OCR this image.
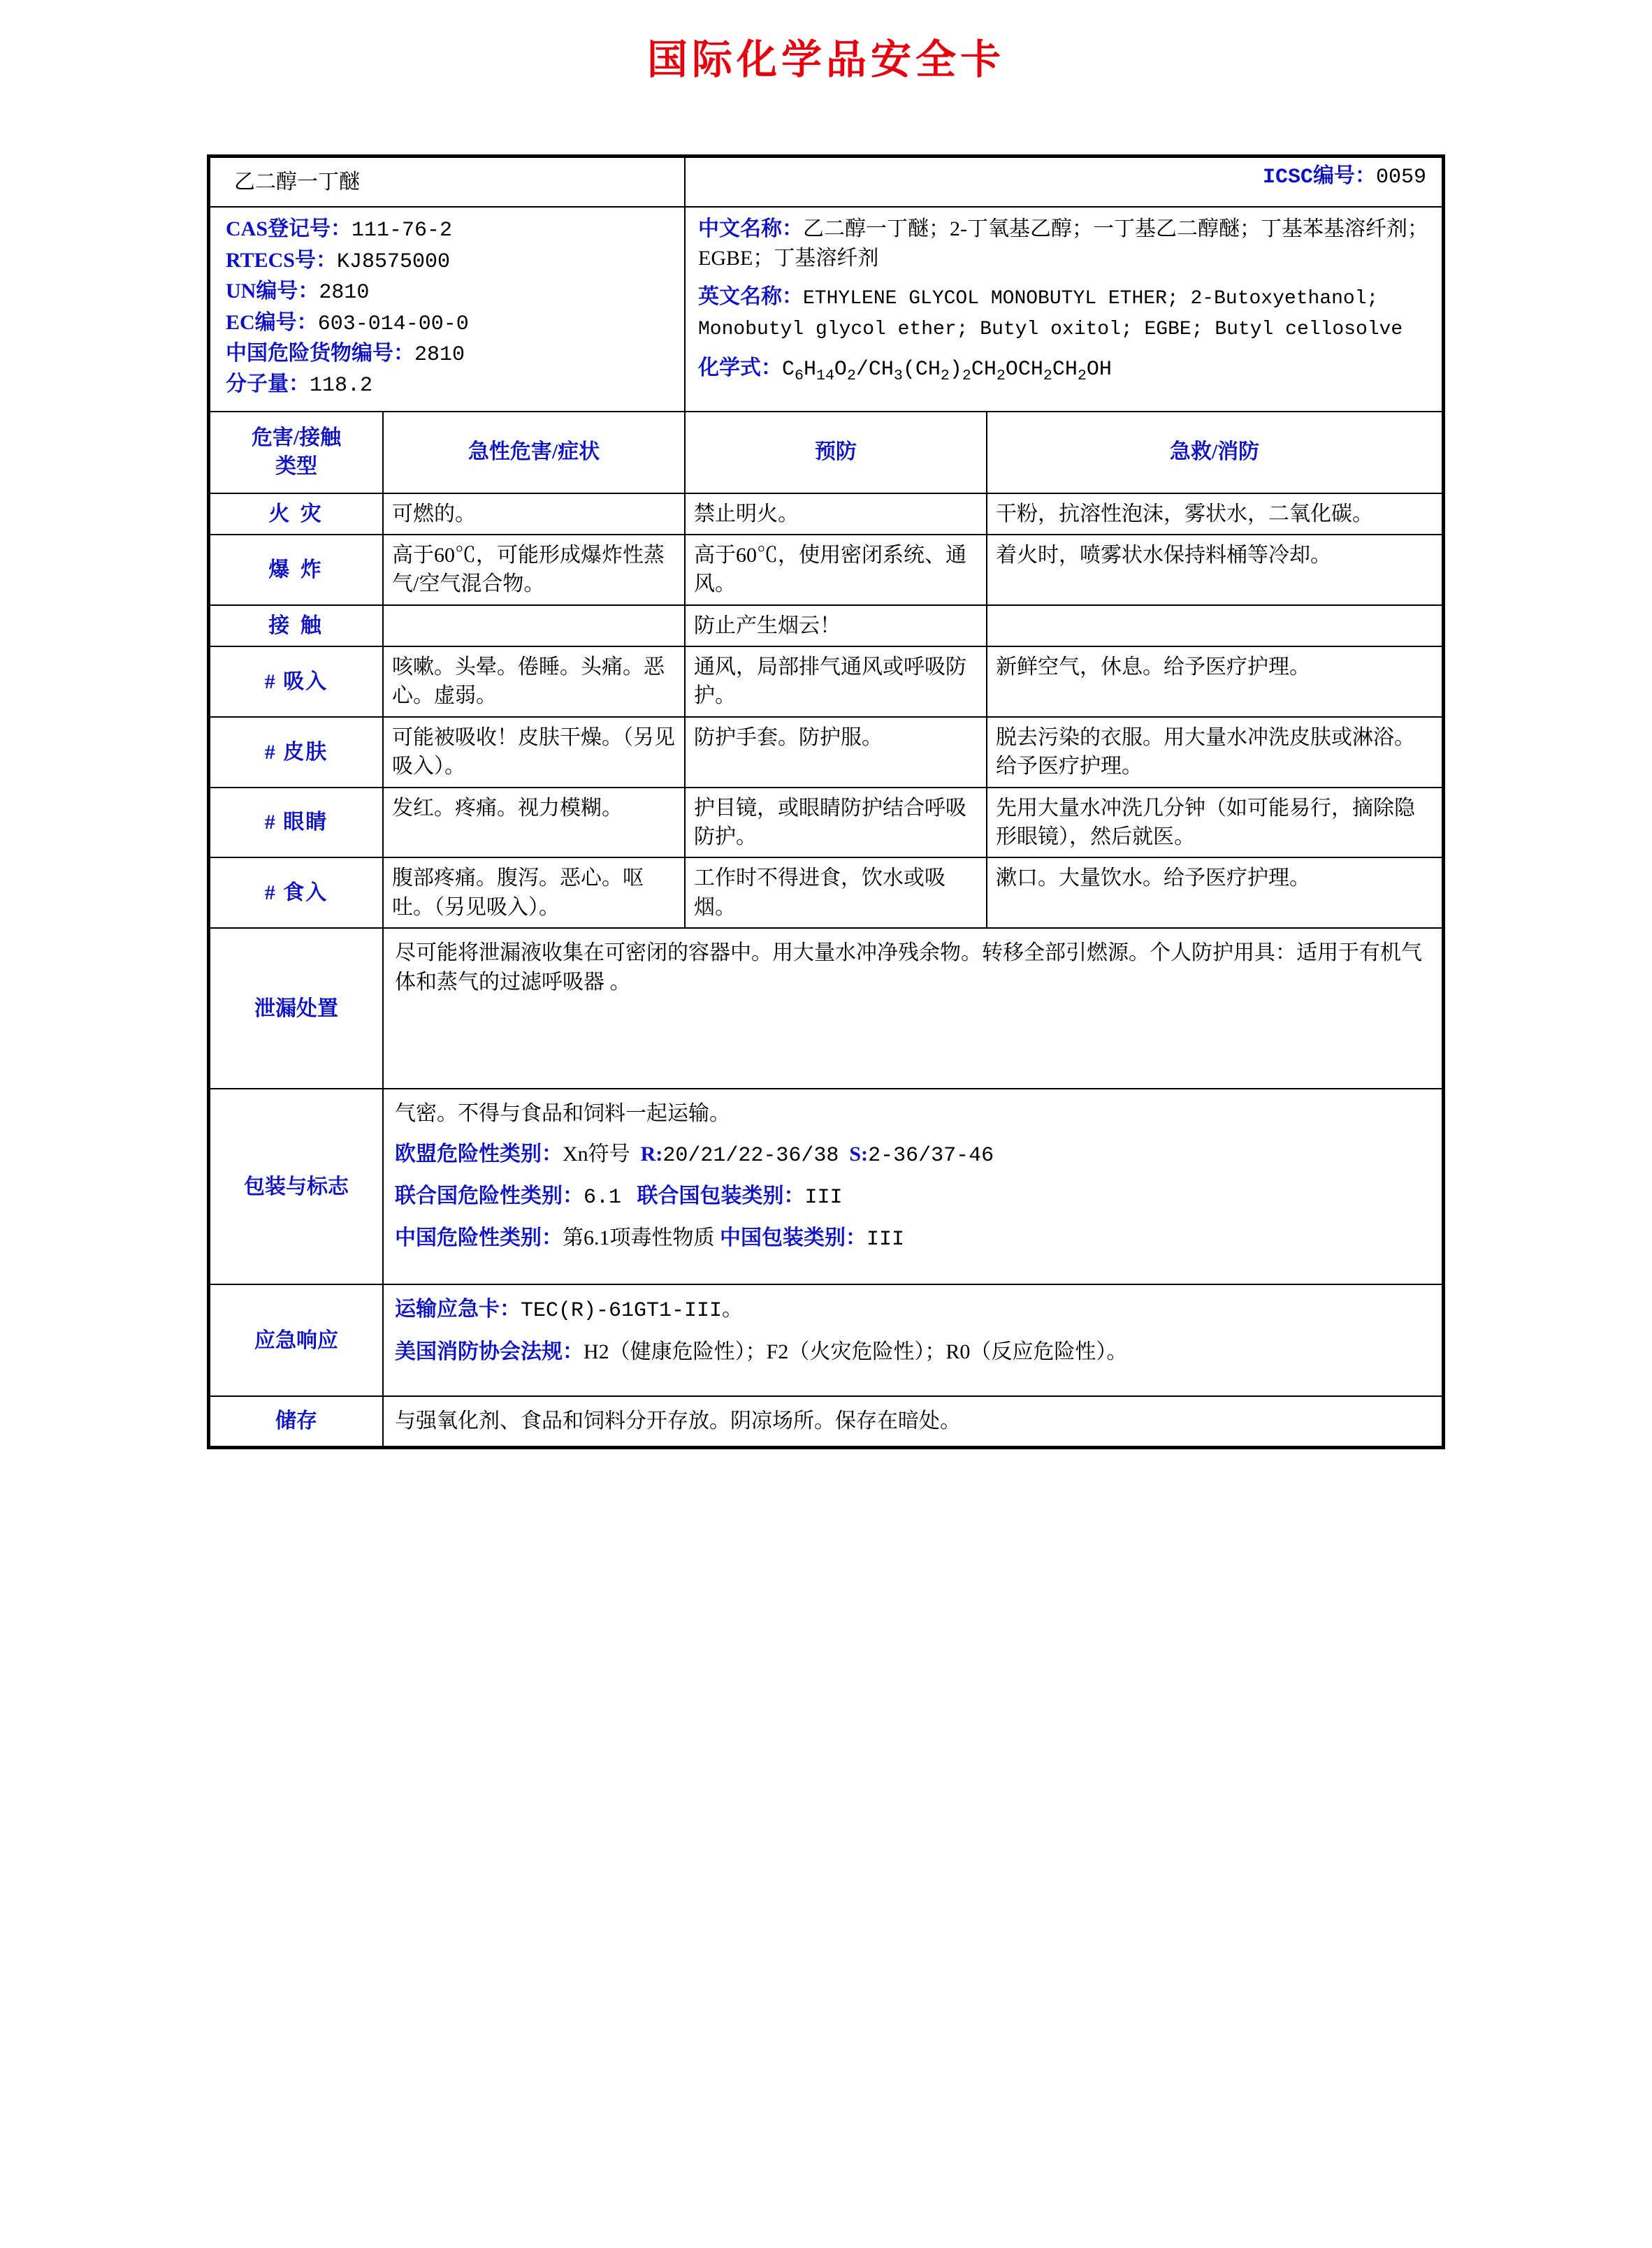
国际化学品安全卡
乙二醇一丁醚		ICSC编号：0059	

CAS登记号：111-76-2
RTECS号：KJ8575000
UN编号：2810
EC编号：603-014-00-0
中国危险货物编号：2810
分子量：118.2

中文名称：乙二醇一丁醚；2-丁氧基乙醇；一丁基乙二醇醚；丁基苯基溶纤剂；EGBE；丁基溶纤剂
英文名称：ETHYLENE GLYCOL MONOBUTYL ETHER; 2-Butoxyethanol; Monobutyl glycol ether; Butyl oxitol; EGBE; Butyl cellosolve
化学式：$C_6H_{14}O_2/CH_3(CH_2)_2CH_2OCH_2CH_2OH$

危害/接触
类型	急性危害/症状	预防	急救/消防
火 灾	可燃的。	禁止明火。	干粉，抗溶性泡沫，雾状水，二氧化碳。
爆 炸	高于60℃，可能形成爆炸性蒸气/空气混合物。	高于60℃，使用密闭系统、通风。	着火时，喷雾状水保持料桶等冷却。
接 触		防止产生烟云！	
# 吸入	咳嗽。头晕。倦睡。头痛。恶心。虚弱。	通风，局部排气通风或呼吸防护。	新鲜空气，休息。给予医疗护理。
# 皮肤	可能被吸收！皮肤干燥。（另见吸入）。	防护手套。防护服。	脱去污染的衣服。用大量水冲洗皮肤或淋浴。给予医疗护理。
# 眼睛	发红。疼痛。视力模糊。	护目镜，或眼睛防护结合呼吸防护。	先用大量水冲洗几分钟（如可能易行，摘除隐形眼镜），然后就医。
# 食入	腹部疼痛。腹泻。恶心。呕吐。（另见吸入）。	工作时不得进食，饮水或吸烟。	漱口。大量饮水。给予医疗护理。
泄漏处置	尽可能将泄漏液收集在可密闭的容器中。用大量水冲净残余物。转移全部引燃源。个人防护用具：适用于有机气体和蒸气的过滤呼吸器 。		

包装与标志	气密。不得与食品和饲料一起运输。

欧盟危险性类别：Xn符号 R:20/21/22-36/38 S:2-36/37-46

联合国危险性类别：6.1 联合国包装类别：III

中国危险性类别：第6.1项毒性物质 中国包装类别：III		

应急响应	运输应急卡：TEC(R)-61GT1-III。

美国消防协会法规：H2（健康危险性）；F2（火灾危险性）；R0（反应危险性）。		

储存	与强氧化剂、食品和饲料分开存放。阴凉场所。保存在暗处。		
